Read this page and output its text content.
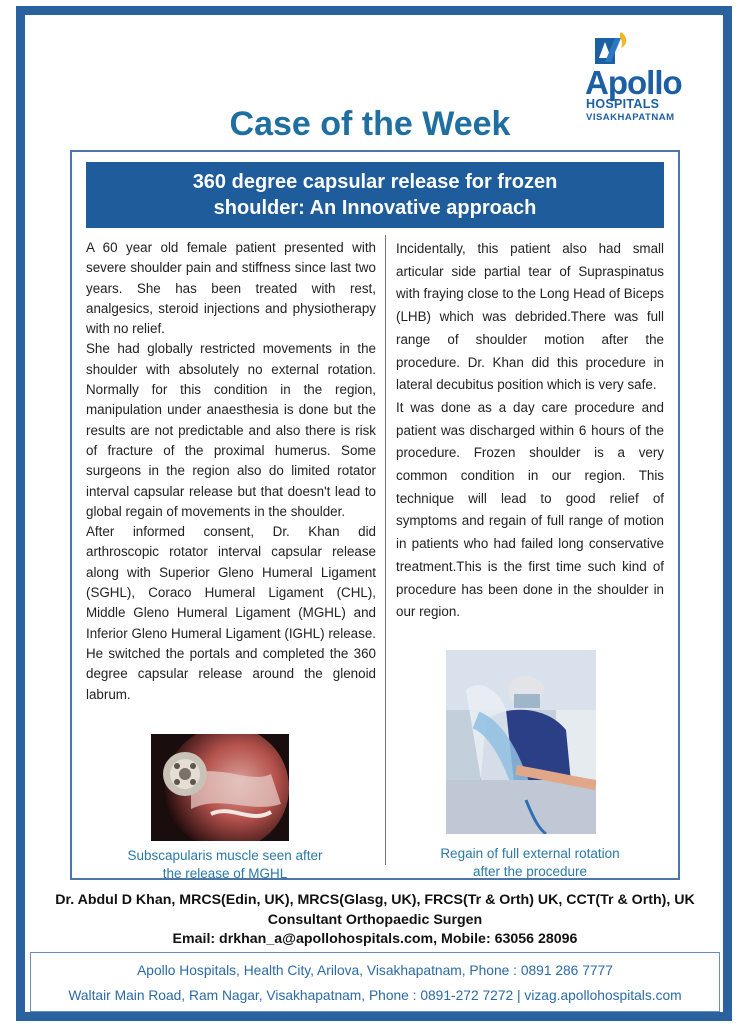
Apollo
HOSPITALS
VISAKHAPATNAM
Case of the Week
360 degree capsular release for frozen
shoulder: An Innovative approach

A 60 year old female patient presented with severe shoulder pain and stiffness since last two years. She has been treated with rest, analgesics, steroid injections and physiotherapy with no relief.

She had globally restricted movements in the shoulder with absolutely no external rotation. Normally for this condition in the region, manipulation under anaesthesia is done but the results are not predictable and also there is risk of fracture of the proximal humerus. Some surgeons in the region also do limited rotator interval capsular release but that doesn't lead to global regain of movements in the shoulder.

After informed consent, Dr. Khan did arthroscopic rotator interval capsular release along with Superior Gleno Humeral Ligament (SGHL), Coraco Humeral Ligament (CHL), Middle Gleno Humeral Ligament (MGHL) and Inferior Gleno Humeral Ligament (IGHL) release. He switched the portals and completed the 360 degree capsular release around the glenoid labrum.

Incidentally, this patient also had small articular side partial tear of Supraspinatus with fraying close to the Long Head of Biceps (LHB) which was debrided.There was full range of shoulder motion after the procedure. Dr. Khan did this procedure in lateral decubitus position which is very safe.

It was done as a day care procedure and patient was discharged within 6 hours of the procedure. Frozen shoulder is a very common condition in our region. This technique will lead to good relief of symptoms and regain of full range of motion in patients who had failed long conservative treatment.This is the first time such kind of procedure has been done in the shoulder in our region.

Subscapularis muscle seen after
the release of MGHL
Regain of full external rotation
after the procedure
Dr. Abdul D Khan, MRCS(Edin, UK), MRCS(Glasg, UK), FRCS(Tr & Orth) UK, CCT(Tr & Orth), UK
Consultant Orthopaedic Surgen
Email: drkhan_a@apollohospitals.com, Mobile: 63056 28096
Apollo Hospitals, Health City, Arilova, Visakhapatnam, Phone : 0891 286 7777
Waltair Main Road, Ram Nagar, Visakhapatnam, Phone : 0891-272 7272 | vizag.apollohospitals.com
